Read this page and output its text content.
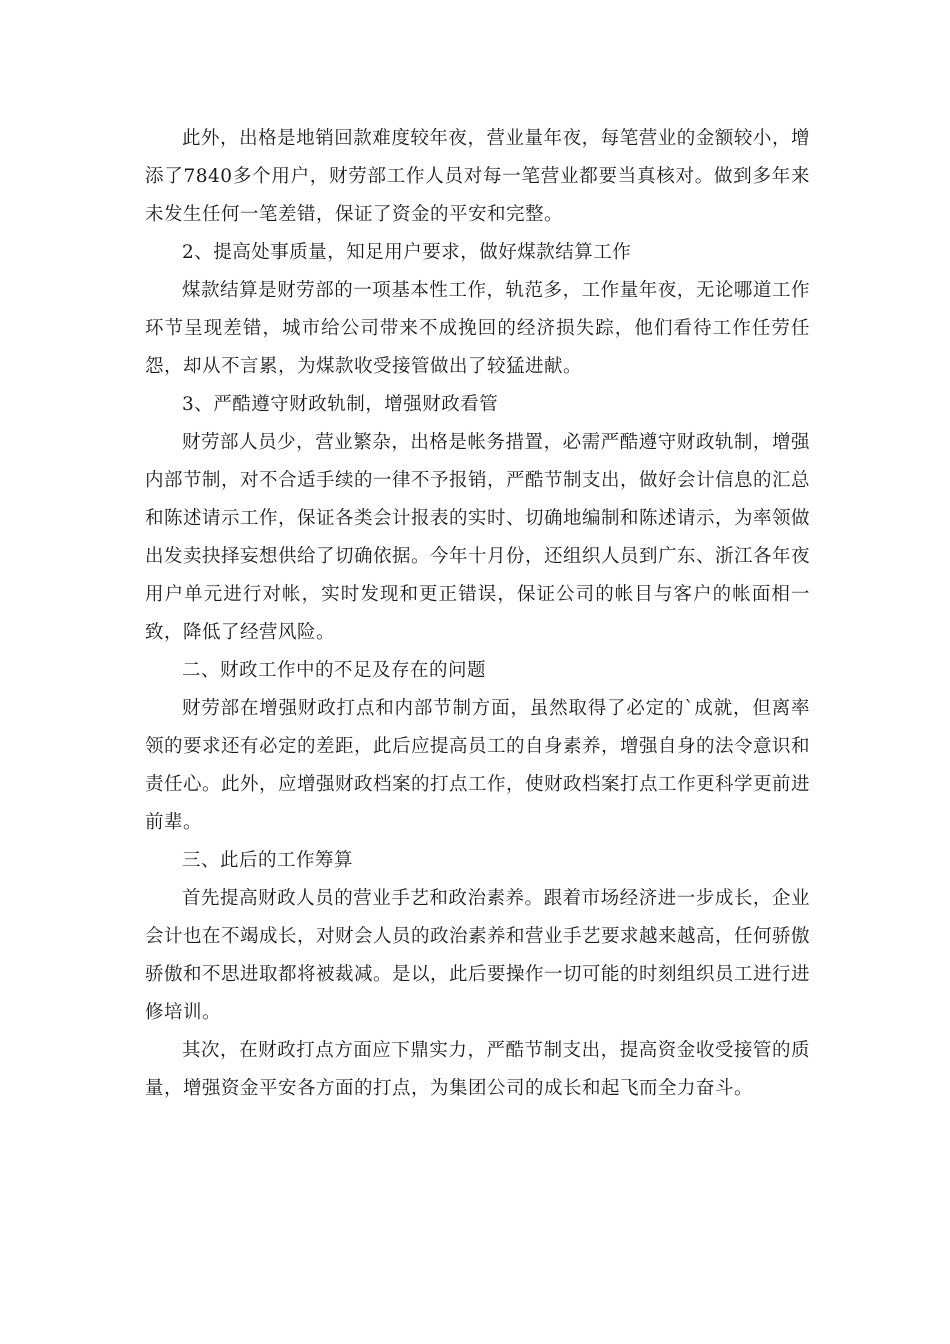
此外，出格是地销回款难度较年夜，营业量年夜，每笔营业的金额较小，增添了7840多个用户，财劳部工作人员对每一笔营业都要当真核对。做到多年来未发生任何一笔差错，保证了资金的平安和完整。

2、提高处事质量，知足用户要求，做好煤款结算工作

煤款结算是财劳部的一项基本性工作，轨范多，工作量年夜，无论哪道工作环节呈现差错，城市给公司带来不成挽回的经济损失踪，他们看待工作任劳任怨，却从不言累，为煤款收受接管做出了较猛进献。

3、严酷遵守财政轨制，增强财政看管

财劳部人员少，营业繁杂，出格是帐务措置，必需严酷遵守财政轨制，增强内部节制，对不合适手续的一律不予报销，严酷节制支出，做好会计信息的汇总和陈述请示工作，保证各类会计报表的实时、切确地编制和陈述请示，为率领做出发卖抉择妄想供给了切确依据。今年十月份，还组织人员到广东、浙江各年夜用户单元进行对帐，实时发现和更正错误，保证公司的帐目与客户的帐面相一致，降低了经营风险。

二、财政工作中的不足及存在的问题

财劳部在增强财政打点和内部节制方面，虽然取得了必定的`成就，但离率领的要求还有必定的差距，此后应提高员工的自身素养，增强自身的法令意识和责任心。此外，应增强财政档案的打点工作，使财政档案打点工作更科学更前进前辈。

三、此后的工作筹算

首先提高财政人员的营业手艺和政治素养。跟着市场经济进一步成长，企业会计也在不竭成长，对财会人员的政治素养和营业手艺要求越来越高，任何骄傲骄傲和不思进取都将被裁减。是以，此后要操作一切可能的时刻组织员工进行进修培训。

其次，在财政打点方面应下鼎实力，严酷节制支出，提高资金收受接管的质量，增强资金平安各方面的打点，为集团公司的成长和起飞而全力奋斗。
